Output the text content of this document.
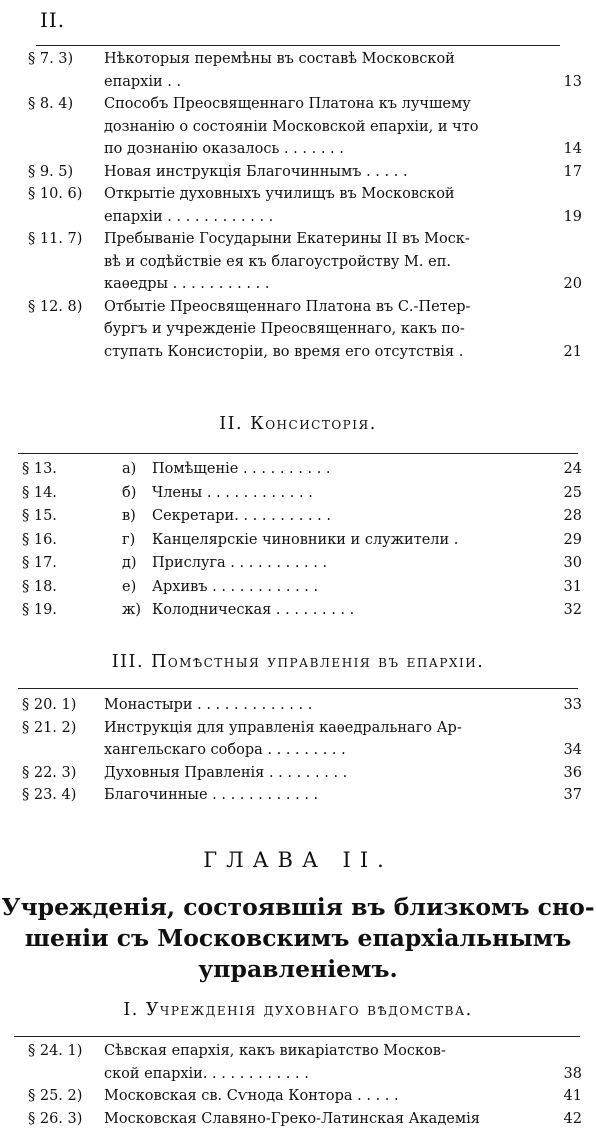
II.
§ 7. 3) Нѣкоторыя перемѣны въ составѣ Московской
епархіи . .	13
§ 8. 4) Способъ Преосвященнаго Платона къ лучшему
дознанію о состояніи Московской епархіи, и что
по дознанію оказалось . . . . . . .	14
§ 9. 5) Новая инструкція Благочиннымъ . . . . .	17
§ 10. 6) Открытіе духовныхъ училищъ въ Московской
епархіи . . . . . . . . . . . .	19
§ 11. 7) Пребываніе Государыни Екатерины II въ Моск-
вѣ и содѣйствіе ея къ благоустройству М. еп.
каѳедры . . . . . . . . . . .	20
§ 12. 8) Отбытіе Преосвященнаго Платона въ С.-Петер-
бургъ и учрежденіе Преосвященнаго, какъ по-
ступать Консисторіи, во время его отсутствія .	21
II. Консисторія.
§ 13.	а) Помѣщеніе . . . . . . . . . .	24
§ 14.	б) Члены . . . . . . . . . . . .	25
§ 15.	в) Секретари. . . . . . . . . . .	28
§ 16.	г) Канцелярскіе чиновники и служители .	29
§ 17.	д) Прислуга . . . . . . . . . . .	30
§ 18.	е) Архивъ . . . . . . . . . . . .	31
§ 19.	ж) Колодническая . . . . . . . . .	32
III. Помѣстныя управленія въ епархіи.
§ 20. 1) Монастыри . . . . . . . . . . . . .	33
§ 21. 2) Инструкція для управленія каѳедральнаго Ар-
хангельскаго собора . . . . . . . . .	34
§ 22. 3) Духовныя Правленія . . . . . . . . .	36
§ 23. 4) Благочинные . . . . . . . . . . . .	37
ГЛАВА II.
Учрежденія, состоявшія въ близкомъ сно-
шеніи съ Московскимъ епархіальнымъ
управленіемъ.
I. Учрежденія духовнаго вѣдомства.
§ 24. 1) Сѣвская епархія, какъ викаріатство Москов-
ской епархіи. . . . . . . . . . . .	38
§ 25. 2) Московская св. Сѵнода Контора . . . . .	41
§ 26. 3) Московская Славяно-Греко-Латинская Академія	42
